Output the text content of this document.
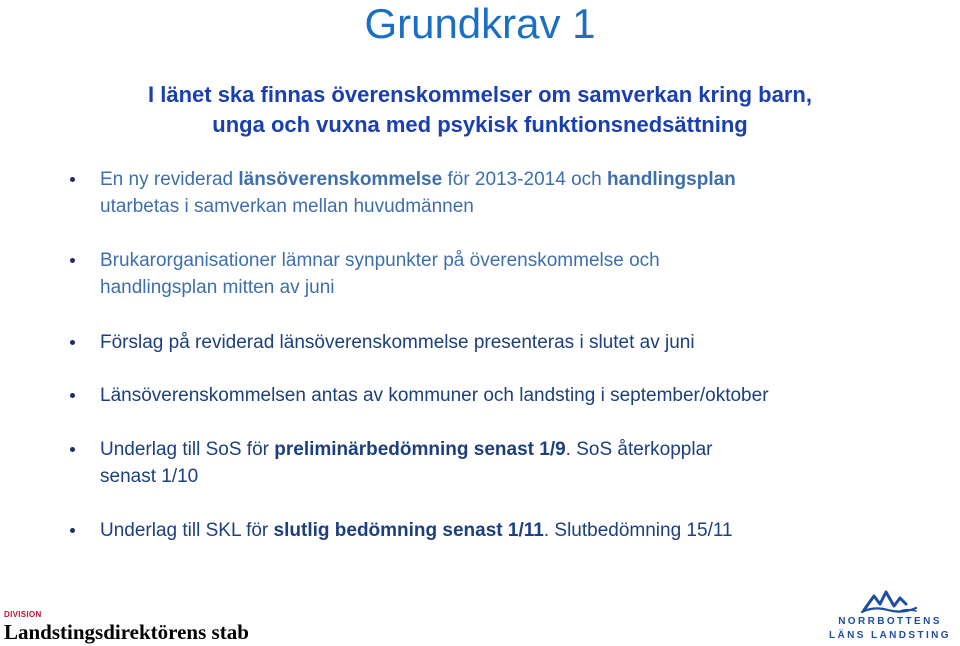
Grundkrav 1
I länet ska finnas överenskommelser om samverkan kring barn,
unga och vuxna med psykisk funktionsnedsättning
En ny reviderad länsöverenskommelse för 2013-2014 och handlingsplan
utarbetas i samverkan mellan huvudmännen
Brukarorganisationer lämnar synpunkter på överenskommelse och
handlingsplan mitten av juni
Förslag på reviderad länsöverenskommelse presenteras i slutet av juni
Länsöverenskommelsen antas av kommuner och landsting i september/oktober
Underlag till SoS för preliminärbedömning senast 1/9. SoS återkopplar
senast 1/10
Underlag till SKL för slutlig bedömning senast 1/11. Slutbedömning 15/11
DIVISION
Landstingsdirektörens stab	NORRBOTTENS
LÄNS LANDSTING
